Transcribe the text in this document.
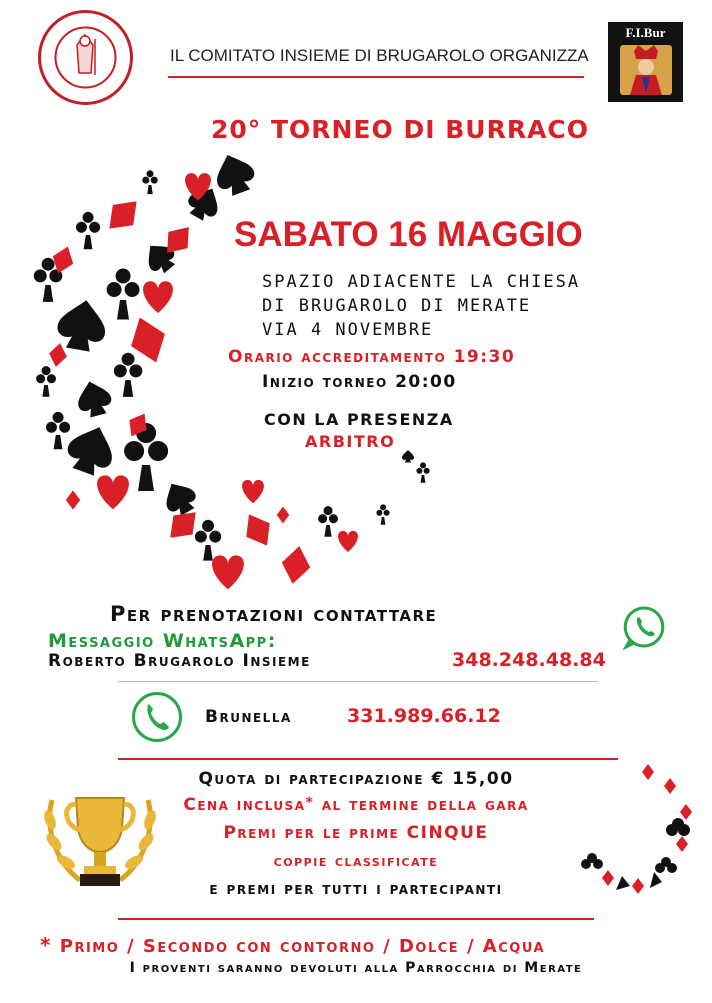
IL COMITATO INSIEME DI BRUGAROLO ORGANIZZA
F.I.Bur
20° TORNEO DI BURRACO
SABATO 16 MAGGIO
SPAZIO ADIACENTE LA CHIESA
DI BRUGAROLO DI MERATE
VIA 4 NOVEMBRE
Orario accreditamento 19:30
Inizio torneo 20:00
CON LA PRESENZA
ARBITRO
Per prenotazioni contattare
Messaggio WhatsApp:
Roberto Brugarolo Insieme	348.248.48.84
Brunella	331.989.66.12
Quota di partecipazione € 15,00
Cena inclusa* al termine della gara
Premi per le prime CINQUE
coppie classificate
e premi per tutti i partecipanti
* Primo / Secondo con contorno / Dolce / Acqua
I proventi saranno devoluti alla Parrocchia di Merate
